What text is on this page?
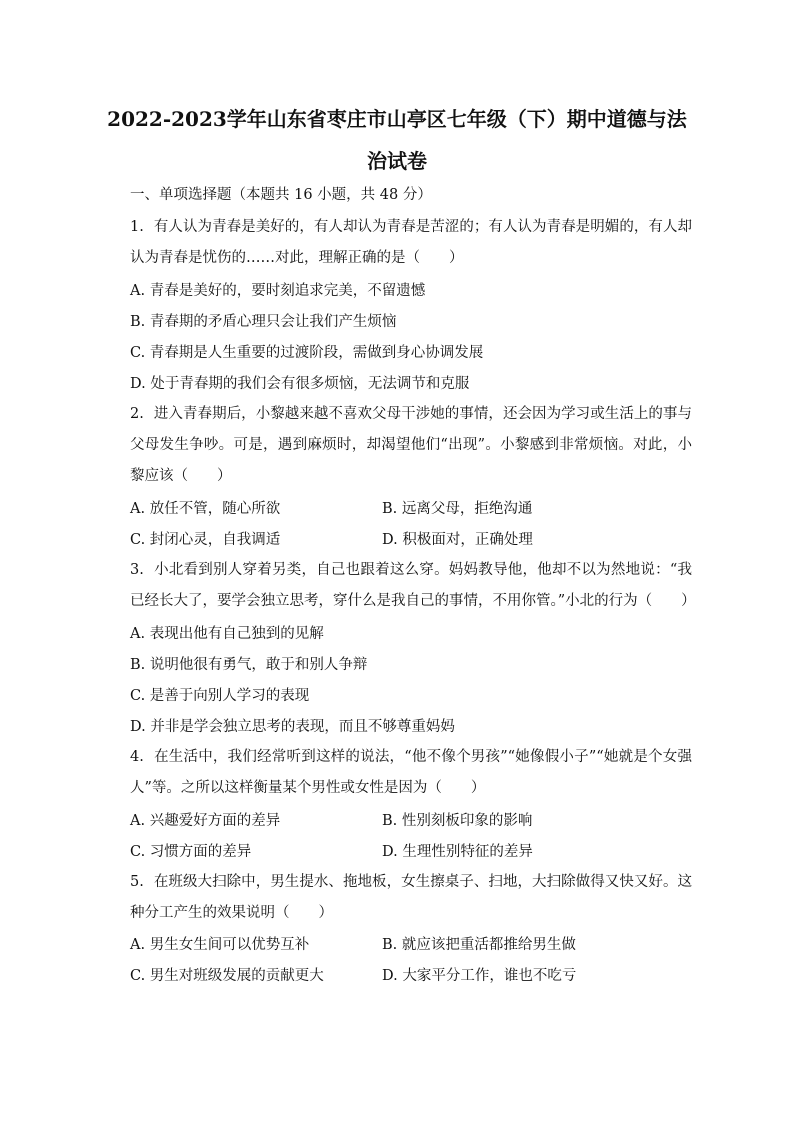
2022-2023学年山东省枣庄市山亭区七年级（下）期中道德与法
治试卷
一、单项选择题（本题共 16 小题，共 48 分）
1. 有人认为青春是美好的，有人却认为青春是苦涩的；有人认为青春是明媚的，有人却认为青春是忧伤的……对此，理解正确的是（　　）
A. 青春是美好的，要时刻追求完美，不留遗憾
B. 青春期的矛盾心理只会让我们产生烦恼
C. 青春期是人生重要的过渡阶段，需做到身心协调发展
D. 处于青春期的我们会有很多烦恼，无法调节和克服
2. 进入青春期后，小黎越来越不喜欢父母干涉她的事情，还会因为学习或生活上的事与父母发生争吵。可是，遇到麻烦时，却渴望他们“出现”。小黎感到非常烦恼。对此，小黎应该（　　）
A. 放任不管，随心所欲	B. 远离父母，拒绝沟通
C. 封闭心灵，自我调适	D. 积极面对，正确处理
3. 小北看到别人穿着另类，自己也跟着这么穿。妈妈教导他，他却不以为然地说：“我已经长大了，要学会独立思考，穿什么是我自己的事情，不用你管。”小北的行为（　　）
A. 表现出他有自己独到的见解
B. 说明他很有勇气，敢于和别人争辩
C. 是善于向别人学习的表现
D. 并非是学会独立思考的表现，而且不够尊重妈妈
4. 在生活中，我们经常听到这样的说法，“他不像个男孩”“她像假小子”“她就是个女强人”等。之所以这样衡量某个男性或女性是因为（　　）
A. 兴趣爱好方面的差异	B. 性别刻板印象的影响
C. 习惯方面的差异	D. 生理性别特征的差异
5. 在班级大扫除中，男生提水、拖地板，女生擦桌子、扫地，大扫除做得又快又好。这种分工产生的效果说明（　　）
A. 男生女生间可以优势互补	B. 就应该把重活都推给男生做
C. 男生对班级发展的贡献更大	D. 大家平分工作，谁也不吃亏
